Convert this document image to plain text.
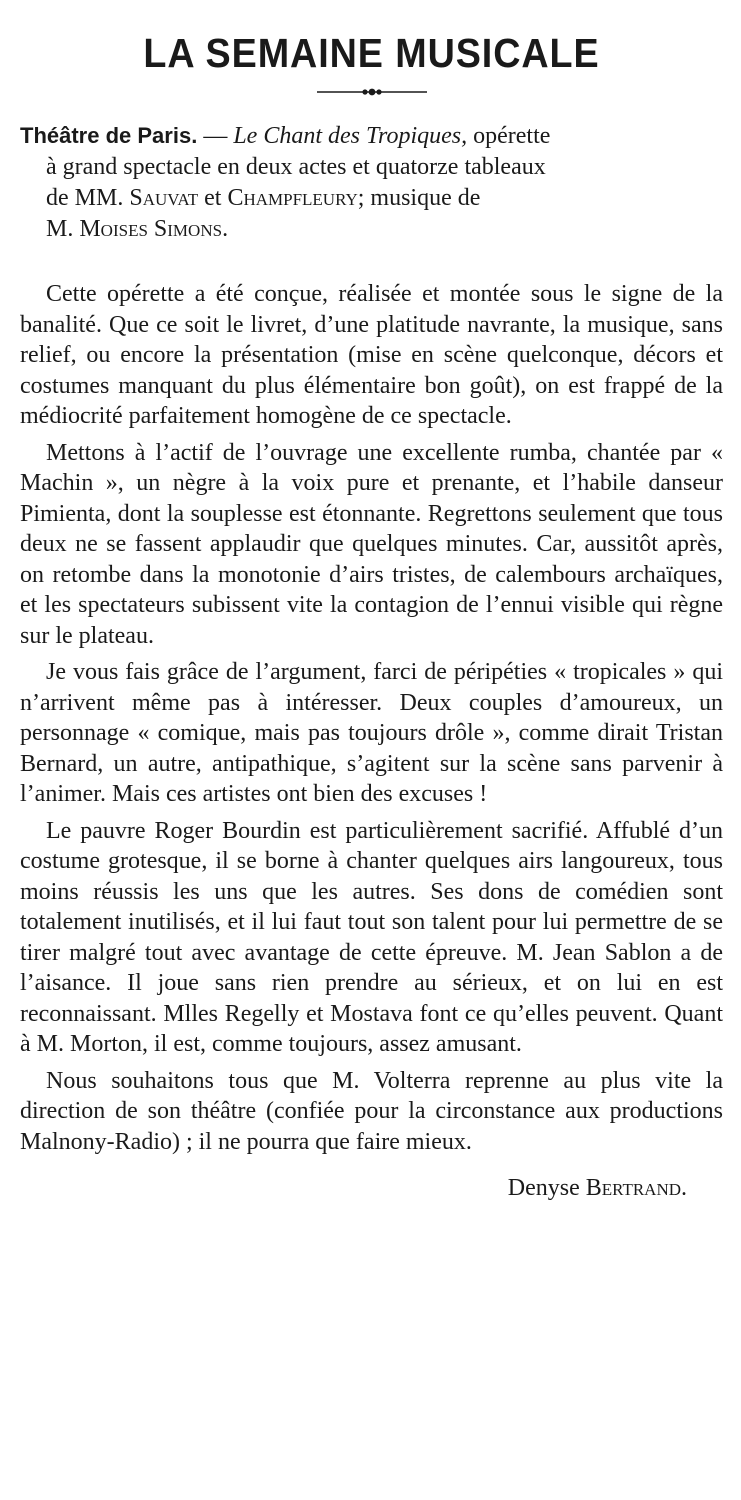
LA SEMAINE MUSICALE
Théâtre de Paris. — Le Chant des Tropiques, opérette
à grand spectacle en deux actes et quatorze tableaux
de MM. Sauvat et Champfleury; musique de
M. Moises Simons.

Cette opérette a été conçue, réalisée et montée sous le signe de la banalité. Que ce soit le livret, d’une platitude navrante, la musique, sans relief, ou encore la présentation (mise en scène quelconque, décors et costumes manquant du plus élémentaire bon goût), on est frappé de la médiocrité parfaitement homogène de ce spectacle.

Mettons à l’actif de l’ouvrage une excellente rumba, chantée par « Machin », un nègre à la voix pure et prenante, et l’habile danseur Pimienta, dont la souplesse est étonnante. Regrettons seulement que tous deux ne se fassent applaudir que quelques minutes. Car, aussitôt après, on retombe dans la monotonie d’airs tristes, de calembours archaïques, et les spectateurs subissent vite la contagion de l’ennui visible qui règne sur le plateau.

Je vous fais grâce de l’argument, farci de péripéties « tropicales » qui n’arrivent même pas à intéresser. Deux couples d’amoureux, un personnage « comique, mais pas toujours drôle », comme dirait Tristan Bernard, un autre, antipathique, s’agitent sur la scène sans parvenir à l’animer. Mais ces artistes ont bien des excuses !

Le pauvre Roger Bourdin est particulièrement sacrifié. Affublé d’un costume grotesque, il se borne à chanter quelques airs langoureux, tous moins réussis les uns que les autres. Ses dons de comédien sont totalement inutilisés, et il lui faut tout son talent pour lui permettre de se tirer malgré tout avec avantage de cette épreuve. M. Jean Sablon a de l’aisance. Il joue sans rien prendre au sérieux, et on lui en est reconnaissant. Mlles Regelly et Mostava font ce qu’elles peuvent. Quant à M. Morton, il est, comme toujours, assez amusant.

Nous souhaitons tous que M. Volterra reprenne au plus vite la direction de son théâtre (confiée pour la circonstance aux productions Malnony-Radio) ; il ne pourra que faire mieux.

Denyse Bertrand.
